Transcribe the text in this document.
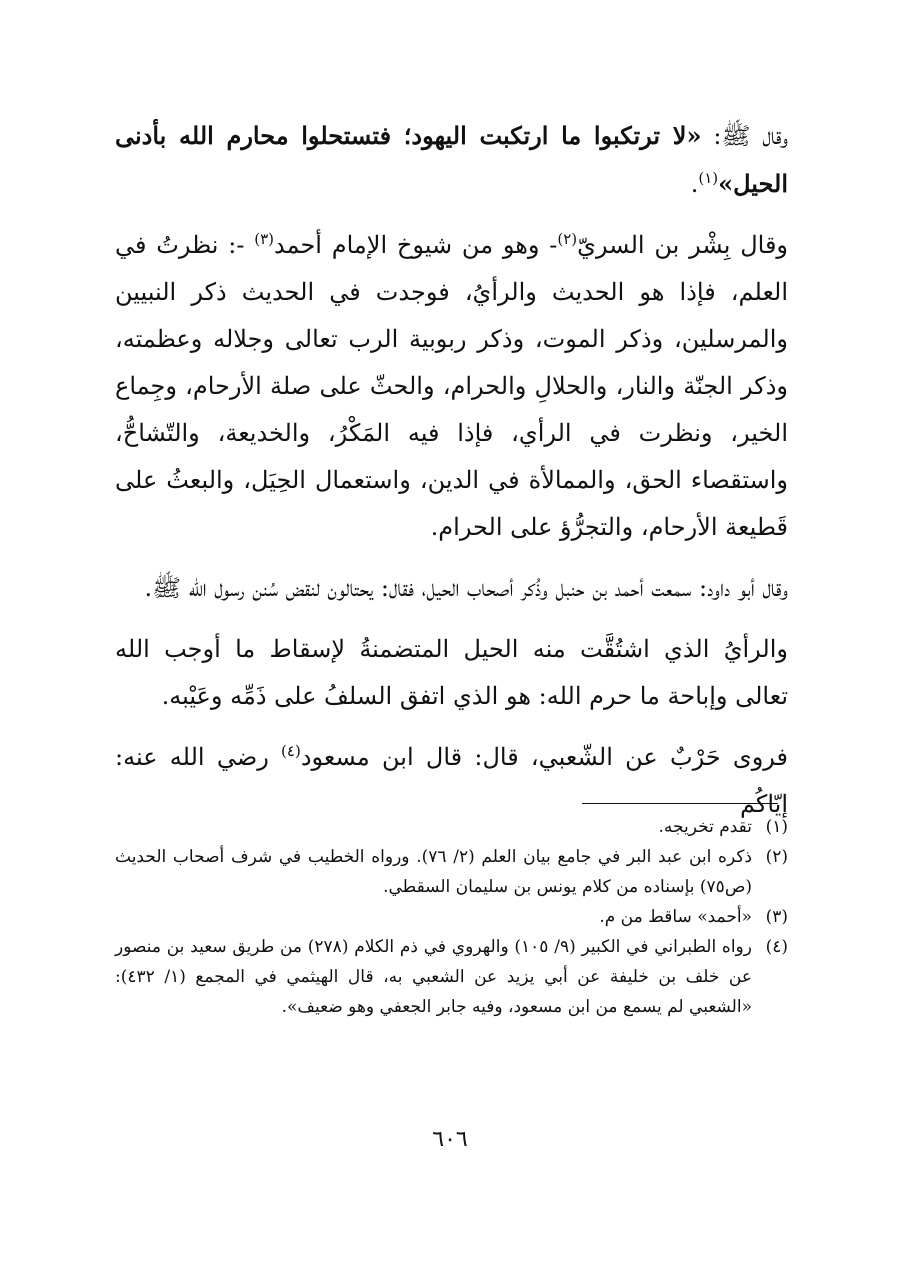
وقال ﷺ: «لا ترتكبوا ما ارتكبت اليهود؛ فتستحلوا محارم الله بأدنى الحيل»$^{(١)}$.

وقال بِشْر بن السريّ$^{(٢)}$- وهو من شيوخ الإمام أحمد$^{(٣)}$ -: نظرتُ في العلم، فإذا هو الحديث والرأيُ، فوجدت في الحديث ذكر النبيين والمرسلين، وذكر الموت، وذكر ربوبية الرب تعالى وجلاله وعظمته، وذكر الجنّة والنار، والحلالِ والحرام، والحثّ على صلة الأرحام، وجِماع الخير، ونظرت في الرأي، فإذا فيه المَكْرُ، والخديعة، والتّشاحُّ، واستقصاء الحق، والممالأة في الدين، واستعمال الحِيَل، والبعثُ على قَطيعة الأرحام، والتجرُّؤ على الحرام.

وقال أبو داود: سمعت أحمد بن حنبل وذُكر أصحاب الحيل، فقال: يحتالون لنقض سُنن رسول الله ﷺ.

والرأيُ الذي اشتُقَّت منه الحيل المتضمنةُ لإسقاط ما أوجب الله تعالى وإباحة ما حرم الله: هو الذي اتفق السلفُ على ذَمِّه وعَيْبه.

فروى حَرْبٌ عن الشّعبي، قال: قال ابن مسعود$^{(٤)}$ رضي الله عنه: إيّاكُم

(١)
تقدم تخريجه.
(٢)
ذكره ابن عبد البر في جامع بيان العلم (٢/ ٧٦). ورواه الخطيب في شرف أصحاب الحديث (ص٧٥) بإسناده من كلام يونس بن سليمان السقطي.
(٣)
«أحمد» ساقط من م.
(٤)
رواه الطبراني في الكبير (٩/ ١٠٥) والهروي في ذم الكلام (٢٧٨) من طريق سعيد بن منصور عن خلف بن خليفة عن أبي يزيد عن الشعبي به، قال الهيثمي في المجمع (١/ ٤٣٢): «الشعبي لم يسمع من ابن مسعود، وفيه جابر الجعفي وهو ضعيف».
٦٠٦
